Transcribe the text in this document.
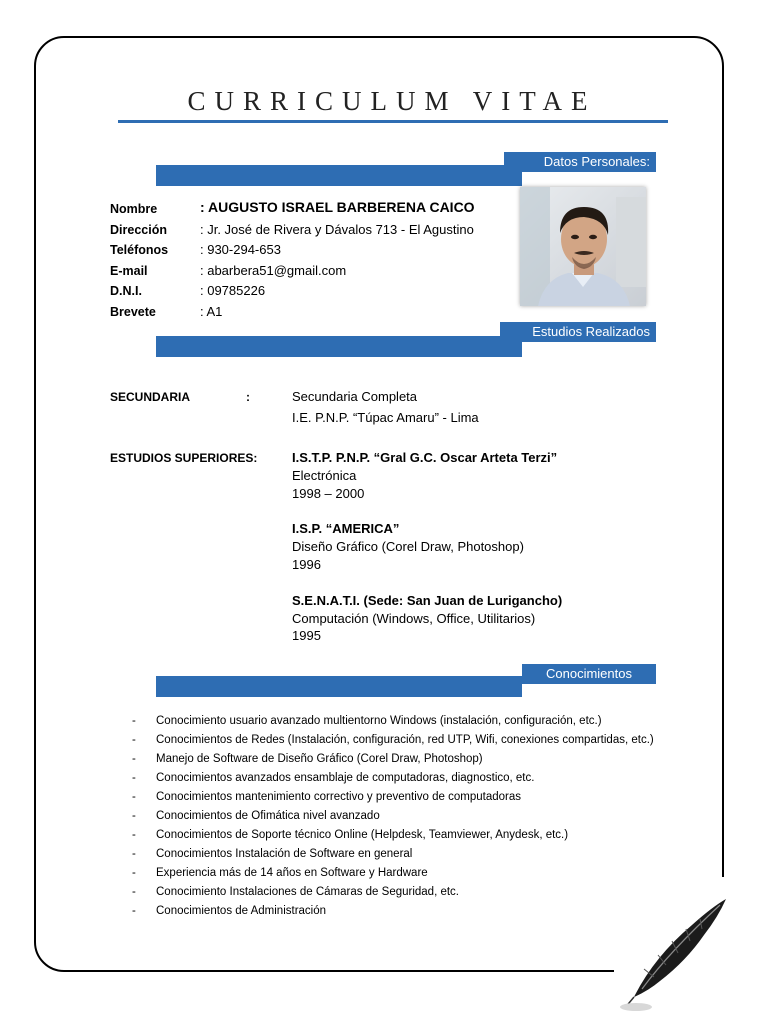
CURRICULUM VITAE
Datos Personales:
Nombre	: AUGUSTO ISRAEL BARBERENA CAICO
Dirección	: Jr. José de Rivera y Dávalos 713 - El Agustino
Teléfonos : 930-294-653
E-mail	: abarbera51@gmail.com
D.N.I.	: 09785226
Brevete	: A1
Estudios Realizados
SECUNDARIA	:	Secundaria Completa
I.E. P.N.P. “Túpac Amaru” - Lima
ESTUDIOS SUPERIORES:	I.S.T.P. P.N.P. “Gral G.C. Oscar Arteta Terzi”
Electrónica
1998 – 2000
I.S.P. “AMERICA”
Diseño Gráfico (Corel Draw, Photoshop)
1996
S.E.N.A.T.I. (Sede: San Juan de Lurigancho)
Computación (Windows, Office, Utilitarios)
1995
Conocimientos
- Conocimiento usuario avanzado multientorno Windows (instalación, configuración, etc.)
- Conocimientos de Redes (Instalación, configuración, red UTP, Wifi, conexiones compartidas, etc.)
- Manejo de Software de Diseño Gráfico (Corel Draw, Photoshop)
- Conocimientos avanzados ensamblaje de computadoras, diagnostico, etc.
- Conocimientos mantenimiento correctivo y preventivo de computadoras
- Conocimientos de Ofimática nivel avanzado
- Conocimientos de Soporte técnico Online (Helpdesk, Teamviewer, Anydesk, etc.)
- Conocimientos Instalación de Software en general
- Experiencia más de 14 años en Software y Hardware
- Conocimiento Instalaciones de Cámaras de Seguridad, etc.
- Conocimientos de Administración
